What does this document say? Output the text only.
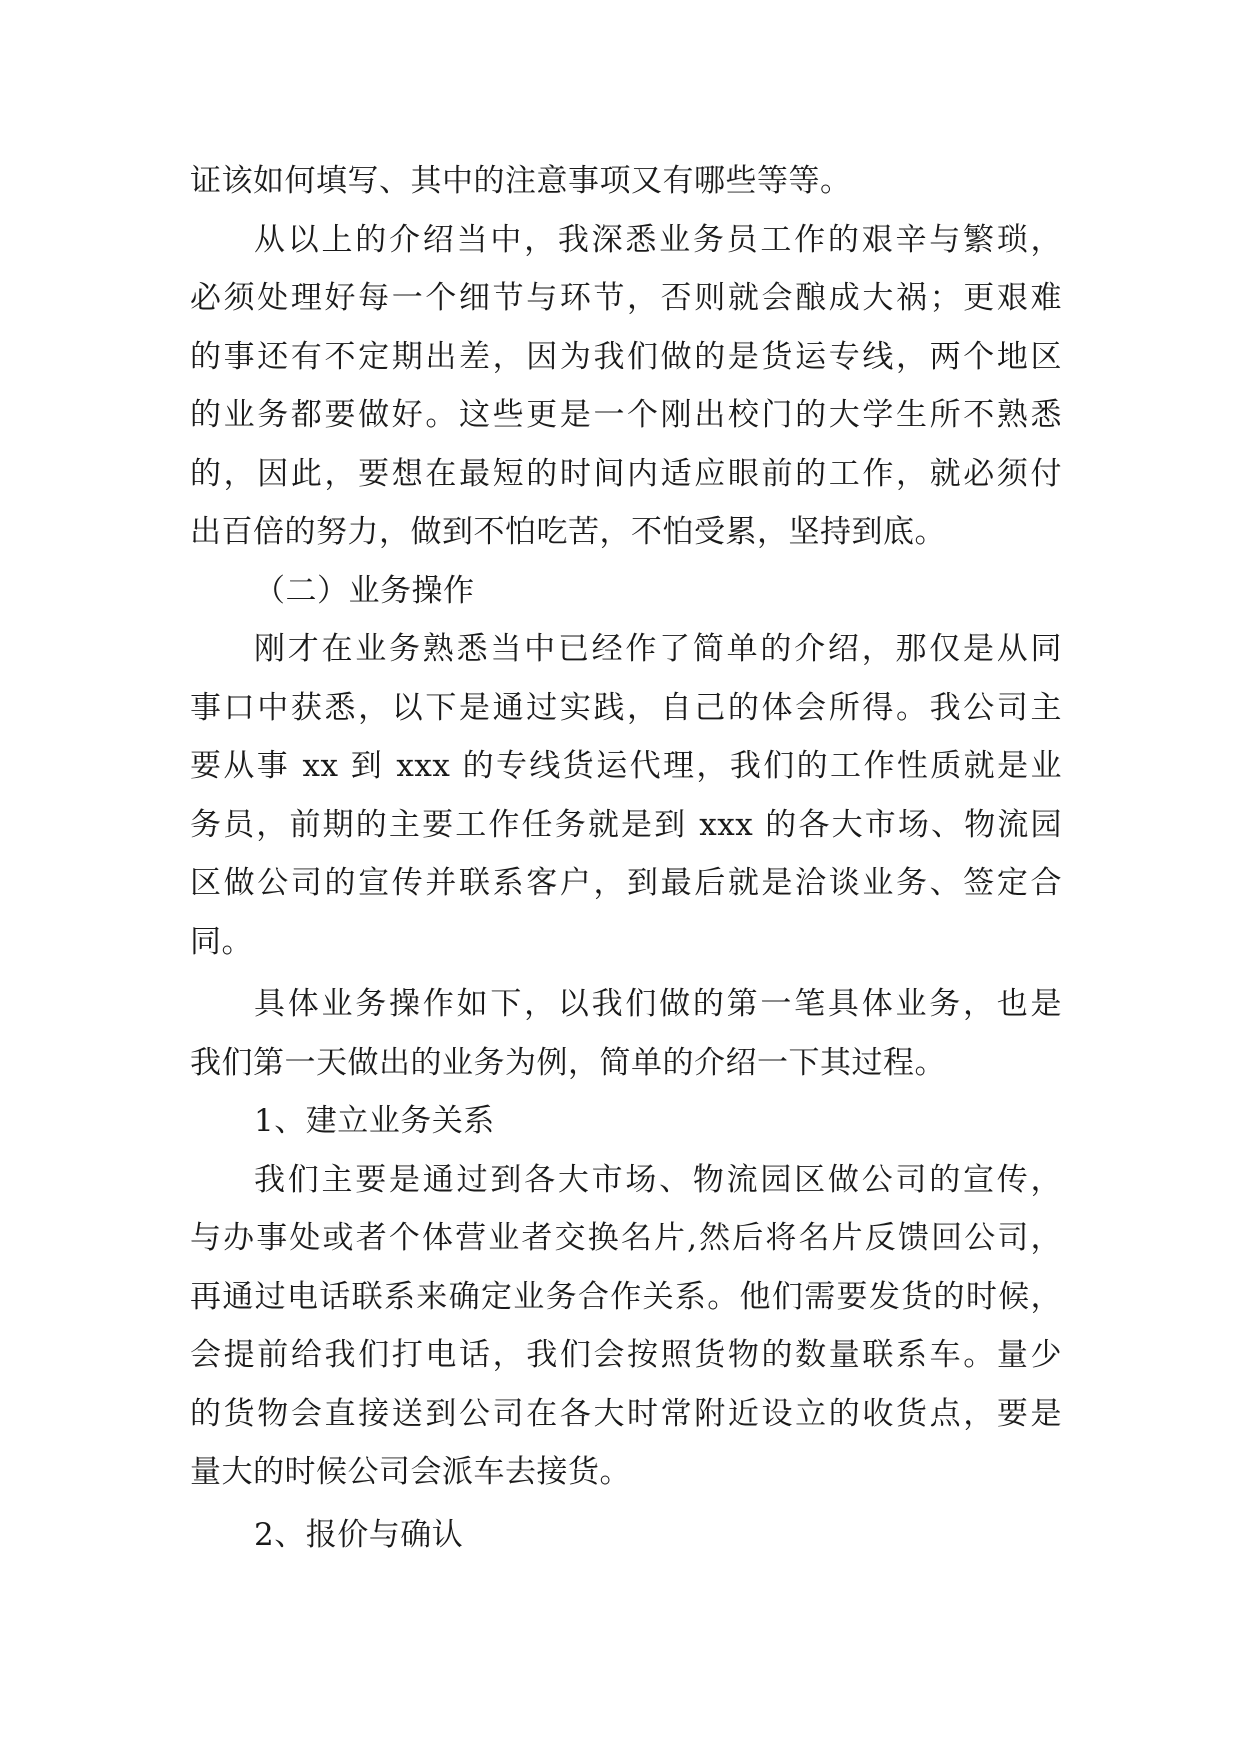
证该如何填写、其中的注意事项又有哪些等等。
从以上的介绍当中，我深悉业务员工作的艰辛与繁琐，
必须处理好每一个细节与环节，否则就会酿成大祸；更艰难
的事还有不定期出差，因为我们做的是货运专线，两个地区
的业务都要做好。这些更是一个刚出校门的大学生所不熟悉
的，因此，要想在最短的时间内适应眼前的工作，就必须付
出百倍的努力，做到不怕吃苦，不怕受累，坚持到底。
（二）业务操作
刚才在业务熟悉当中已经作了简单的介绍，那仅是从同
事口中获悉，以下是通过实践，自己的体会所得。我公司主
要从事 xx 到 xxx 的专线货运代理，我们的工作性质就是业
务员，前期的主要工作任务就是到 xxx 的各大市场、物流园
区做公司的宣传并联系客户，到最后就是洽谈业务、签定合
同。
具体业务操作如下，以我们做的第一笔具体业务，也是
我们第一天做出的业务为例，简单的介绍一下其过程。
1、建立业务关系
我们主要是通过到各大市场、物流园区做公司的宣传，
与办事处或者个体营业者交换名片,然后将名片反馈回公司，
再通过电话联系来确定业务合作关系。他们需要发货的时候，
会提前给我们打电话，我们会按照货物的数量联系车。量少
的货物会直接送到公司在各大时常附近设立的收货点，要是
量大的时候公司会派车去接货。
2、报价与确认
